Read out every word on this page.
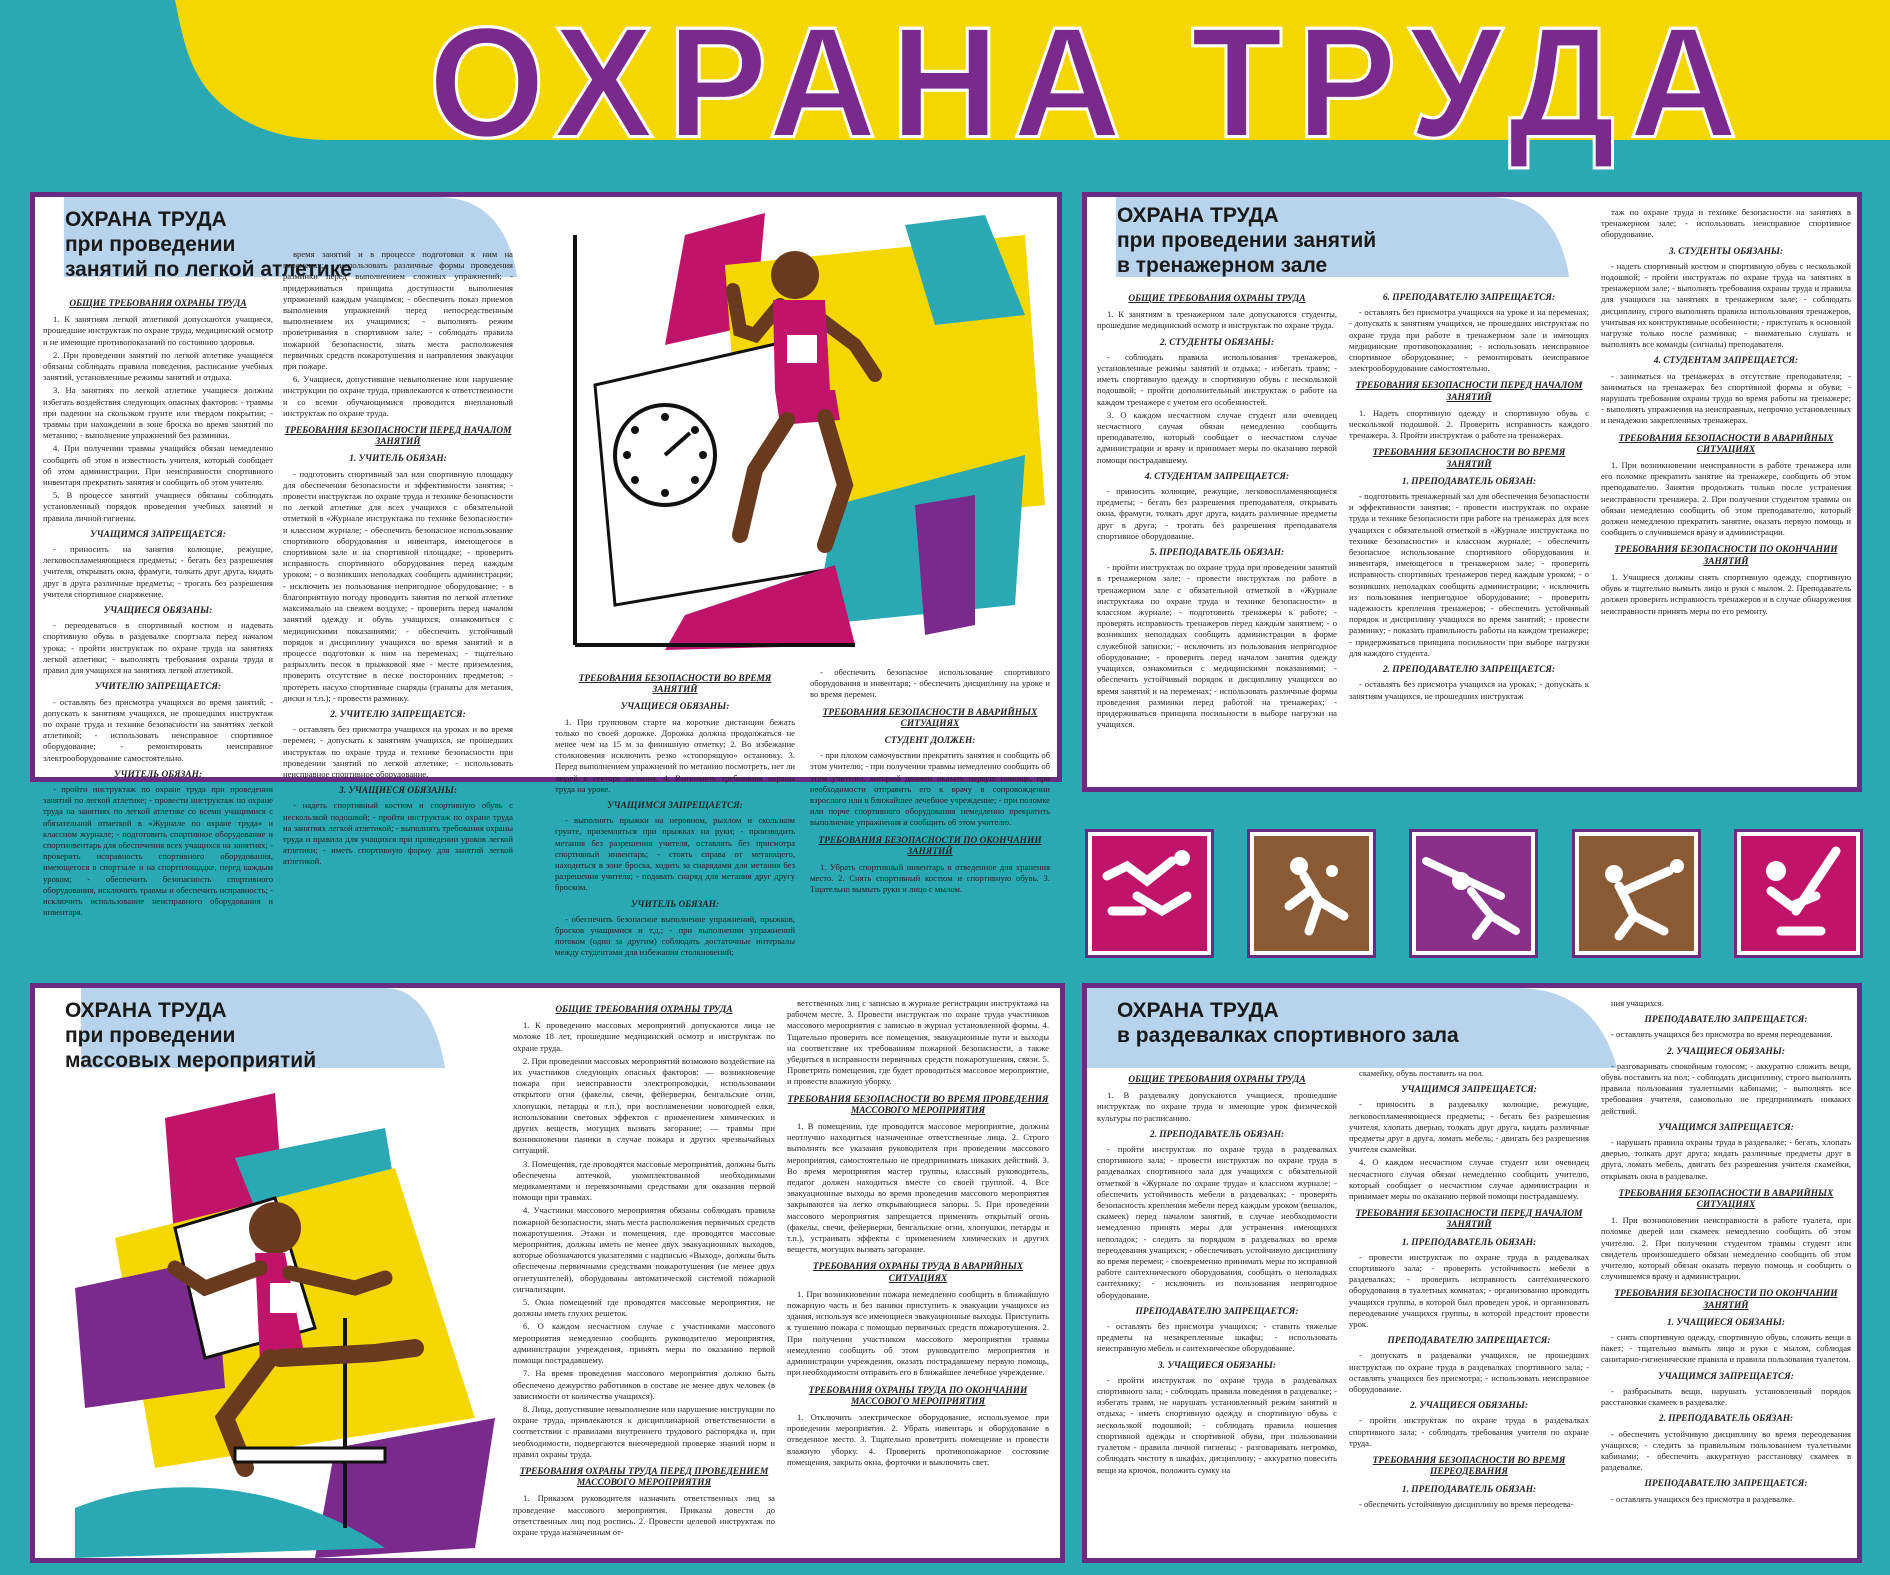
ОХРАНА ТРУДА
ОХРАНА ТРУДА
при проведении
занятий по легкой атлетике
ОБЩИЕ ТРЕБОВАНИЯ ОХРАНЫ ТРУДА

1. К занятиям легкой атлетикой допускаются учащиеся, прошедшие инструктаж по охране труда, медицинский осмотр и не имеющие противопоказаний по состоянию здоровья.

2. При проведении занятий по легкой атлетике учащиеся обязаны соблюдать правила поведения, расписание учебных занятий, установленные режимы занятий и отдыха.

3. На занятиях по легкой атлетике учащиеся должны избегать воздействия следующих опасных факторов: - травмы при падении на скользком грунте или твердом покрытии; - травмы при нахождении в зоне броска во время занятий по метанию; - выполнение упражнений без разминки.

4. При получении травмы учащийся обязан немедленно сообщить об этом в известность учителя, который сообщает об этом администрации. При неисправности спортивного инвентаря прекратить занятия и сообщить об этом учителю.

5. В процессе занятий учащиеся обязаны соблюдать установленный порядок проведения учебных занятий и правила личной гигиены.

УЧАЩИМСЯ ЗАПРЕЩАЕТСЯ:

- приносить на занятия колющие, режущие, легковоспламеняющиеся предметы; - бегать без разрешения учителя, открывать окна, фрамуги, толкать друг друга, кидать друг в друга различные предметы; - трогать без разрешения учителя спортивное снаряжение.

УЧАЩИЕСЯ ОБЯЗАНЫ:

- переодеваться в спортивный костюм и надевать спортивную обувь в раздевалке спортзала перед началом урока; - пройти инструктаж по охране труда на занятиях легкой атлетики; - выполнять требования охраны труда и правил для учащихся на занятиях легкой атлетикой.

УЧИТЕЛЮ ЗАПРЕЩАЕТСЯ:

- оставлять без присмотра учащихся во время занятий; - допускать к занятиям учащихся, не прошедших инструктаж по охране труда и технике безопасности на занятиях легкой атлетикой; - использовать неисправное спортивное оборудование; - ремонтировать неисправное электрооборудование самостоятельно.

УЧИТЕЛЬ ОБЯЗАН:

- пройти инструктаж по охране труда при проведении занятий по легкой атлетике; - провести инструктаж по охране труда на занятиях по легкой атлетике со всеми учащимися с обязательной отметкой в «Журнале по охране труда» и классном журнале; - подготовить спортивное оборудование и спортинвентарь для обеспечения всех учащихся на занятиях; - проверить исправность спортивного оборудования, имеющегося в спортзале и на спортплощадке, перед каждым уроком; - обеспечить безопасность спортивного оборудования, исключить травмы и обеспечить исправность; - исключить использование неисправного оборудования и инвентаря.

время занятий и в процессе подготовки к ним на переменах; - использовать различные формы проведения разминки перед выполнением сложных упражнений; - придерживаться принципа доступности выполнения упражнений каждым учащимся; - обеспечить показ приемов выполнения упражнений перед непосредственным выполнением их учащимися; - выполнять режим проветривания в спортивном зале; - соблюдать правила пожарной безопасности, знать места расположения первичных средств пожаротушения и направления эвакуации при пожаре.

6. Учащиеся, допустившие невыполнение или нарушение инструкции по охране труда, привлекаются к ответственности и со всеми обучающимися проводится внеплановый инструктаж по охране труда.

ТРЕБОВАНИЯ БЕЗОПАСНОСТИ ПЕРЕД НАЧАЛОМ ЗАНЯТИЙ
1. УЧИТЕЛЬ ОБЯЗАН:

- подготовить спортивный зал или спортивную площадку для обеспечения безопасности и эффективности занятия; - провести инструктаж по охране труда и технике безопасности по легкой атлетике для всех учащихся с обязательной отметкой в «Журнале инструктажа по технике безопасности» и классном журнале; - обеспечить безопасное использование спортивного оборудования и инвентаря, имеющегося в спортивном зале и на спортивной площадке; - проверить исправность спортивного оборудования перед каждым уроком; - о возникших неполадках сообщить администрации; - исключить из пользования непригодное оборудование; - в благоприятную погоду проводить занятия по легкой атлетике максимально на свежем воздухе; - проверить перед началом занятий одежду и обувь учащихся, ознакомиться с медицинскими показаниями; - обеспечить устойчивый порядок и дисциплину учащихся во время занятий и в процессе подготовки к ним на переменах; - тщательно разрыхлить песок в прыжковой яме - месте приземления, проверить отсутствие в песке посторонних предметов; - протереть насухо спортивные снаряды (гранаты для метания, диски и т.п.); - провести разминку.

2. УЧИТЕЛЮ ЗАПРЕЩАЕТСЯ:

- оставлять без присмотра учащихся на уроках и во время перемен; - допускать к занятиям учащихся, не прошедших инструктаж по охране труда и технике безопасности при проведении занятий по легкой атлетике; - использовать неисправное спортивное оборудование.

3. УЧАЩИЕСЯ ОБЯЗАНЫ:

- надеть спортивный костюм и спортивную обувь с нескользкой подошвой; - пройти инструктаж по охране труда на занятиях легкой атлетикой; - выполнять требования охраны труда и правила для учащихся при проведении уроков легкой атлетики; - иметь спортивную форму для занятий легкой атлетикой.

ТРЕБОВАНИЯ БЕЗОПАСНОСТИ ВО ВРЕМЯ ЗАНЯТИЙ
УЧАЩИЕСЯ ОБЯЗАНЫ:

1. При групповом старте на короткие дистанции бежать только по своей дорожке. Дорожка должна продолжаться не менее чем на 15 м за финишную отметку; 2. Во избежание столкновения исключить резко «стопорящую» остановку. 3. Перед выполнением упражнений по метанию посмотреть, нет ли людей в секторе метания. 4. Выполнять требования охраны труда на уроке.

УЧАЩИМСЯ ЗАПРЕЩАЕТСЯ:

- выполнять прыжки на неровном, рыхлом и скользком грунте, приземляться при прыжках на руки; - производить метания без разрешения учителя, оставлять без присмотра спортивный инвентарь; - стоять справа от метающего, находиться в зоне броска, ходить за снарядами для метания без разрешения учителя; - подавать снаряд для метания друг другу броском.

УЧИТЕЛЬ ОБЯЗАН:

- обеспечить безопасное выполнение упражнений, прыжков, бросков учащимися и т.д.; - при выполнении упражнений потоком (один за другим) соблюдать достаточные интервалы между студентами для избежания столкновений;

- обеспечить безопасное использование спортивного оборудования и инвентаря; - обеспечить дисциплину на уроке и во время перемен.

ТРЕБОВАНИЯ БЕЗОПАСНОСТИ В АВАРИЙНЫХ СИТУАЦИЯХ
СТУДЕНТ ДОЛЖЕН:

- при плохом самочувствии прекратить занятия и сообщить об этом учителю; - при получении травмы немедленно сообщить об этом учителю, который должен оказать первую помощь, при необходимости отправить его к врачу в сопровождении взрослого или в ближайшее лечебное учреждение; - при поломке или порче спортивного оборудования немедленно прекратить выполнение упражнения и сообщить об этом учителю.

ТРЕБОВАНИЯ БЕЗОПАСНОСТИ ПО ОКОНЧАНИИ ЗАНЯТИЙ

1. Убрать спортивный инвентарь в отведенное для хранения место. 2. Снять спортивный костюм и спортивную обувь. 3. Тщательно вымыть руки и лицо с мылом.

ОХРАНА ТРУДА
при проведении занятий
в тренажерном зале
ОБЩИЕ ТРЕБОВАНИЯ ОХРАНЫ ТРУДА

1. К занятиям в тренажерном зале допускаются студенты, прошедшие медицинский осмотр и инструктаж по охране труда.

2. СТУДЕНТЫ ОБЯЗАНЫ:

- соблюдать правила использования тренажеров, установленные режимы занятий и отдыха; - избегать травм; - иметь спортивную одежду и спортивную обувь с нескользкой подошвой; - пройти дополнительный инструктаж о работе на каждом тренажере с учетом его особенностей.

3. О каждом несчастном случае студент или очевидец несчастного случая обязан немедленно сообщить преподавателю, который сообщает о несчастном случае администрации и врачу и принимает меры по оказанию первой помощи пострадавшему.

4. СТУДЕНТАМ ЗАПРЕЩАЕТСЯ:

- приносить колющие, режущие, легковоспламеняющиеся предметы; - бегать без разрешения преподавателя, открывать окна, фрамуги, толкать друг друга, кидать различные предметы друг в друга; - трогать без разрешения преподавателя спортивное оборудование.

5. ПРЕПОДАВАТЕЛЬ ОБЯЗАН:

- пройти инструктаж по охране труда при проведении занятий в тренажерном зале; - провести инструктаж по работе в тренажерном зале с обязательной отметкой в «Журнале инструктажа по охране труда и технике безопасности» и классном журнале; - подготовить тренажеры к работе; - проверять исправность тренажеров перед каждым занятием; - о возникших неполадках сообщить администрации в форме служебной записки; - исключить из пользования непригодное оборудование; - проверить перед началом занятия одежду учащихся, ознакомиться с медицинскими показаниями; - обеспечить устойчивый порядок и дисциплину учащихся во время занятий и на переменах; - использовать различные формы проведения разминки перед работой на тренажерах; - придерживаться принципа посильности в выборе нагрузки на учащихся.

6. ПРЕПОДАВАТЕЛЮ ЗАПРЕЩАЕТСЯ:

- оставлять без присмотра учащихся на уроке и на переменах; - допускать к занятиям учащихся, не прошедших инструктаж по охране труда при работе в тренажерном зале и имеющих медицинские противопоказания; - использовать неисправное спортивное оборудование; - ремонтировать неисправное электрооборудование самостоятельно.

ТРЕБОВАНИЯ БЕЗОПАСНОСТИ ПЕРЕД НАЧАЛОМ ЗАНЯТИЙ

1. Надеть спортивную одежду и спортивную обувь с нескользкой подошвой. 2. Проверить исправность каждого тренажера. 3. Пройти инструктаж о работе на тренажерах.

ТРЕБОВАНИЯ БЕЗОПАСНОСТИ ВО ВРЕМЯ ЗАНЯТИЙ
1. ПРЕПОДАВАТЕЛЬ ОБЯЗАН:

- подготовить тренажерный зал для обеспечения безопасности и эффективности занятия; - провести инструктаж по охране труда и технике безопасности при работе на тренажерах для всех учащихся с обязательной отметкой в «Журнале инструктажа по технике безопасности» и классном журнале; - обеспечить безопасное использование спортивного оборудования и инвентаря, имеющегося в тренажерном зале; - проверить исправность спортивных тренажеров перед каждым уроком; - о возникших неполадках сообщить администрации; - исключить из пользования непригодное оборудование; - проверить надежность крепления тренажеров; - обеспечить устойчивый порядок и дисциплину учащихся во время занятий; - провести разминку; - показать правильность работы на каждом тренажере; - придерживаться принципа посильности при выборе нагрузки для каждого студента.

2. ПРЕПОДАВАТЕЛЮ ЗАПРЕЩАЕТСЯ:

- оставлять без присмотра учащихся на уроках; - допускать к занятиям учащихся, не прошедших инструктаж

таж по охране труда и технике безопасности на занятиях в тренажерном зале; - использовать неисправное спортивное оборудование.

3. СТУДЕНТЫ ОБЯЗАНЫ:

- надеть спортивный костюм и спортивную обувь с нескользкой подошвой; - пройти инструктаж по охране труда на занятиях в тренажерном зале; - выполнять требования охраны труда и правила для учащихся на занятиях в тренажерном зале; - соблюдать дисциплину, строго выполнять правила использования тренажеров, учитывая их конструктивные особенности; - приступать к основной нагрузке только после разминки; - внимательно слушать и выполнять все команды (сигналы) преподавателя.

4. СТУДЕНТАМ ЗАПРЕЩАЕТСЯ:

- заниматься на тренажерах в отсутствие преподавателя; - заниматься на тренажерах без спортивной формы и обуви; - нарушать требования охраны труда во время работы на тренажере; - выполнять упражнения на неисправных, непрочно установленных и ненадежно закрепленных тренажерах.

ТРЕБОВАНИЯ БЕЗОПАСНОСТИ В АВАРИЙНЫХ СИТУАЦИЯХ

1. При возникновении неисправности в работе тренажера или его поломке прекратить занятие на тренажере, сообщить об этом преподавателю. Занятия продолжать только после устранения неисправности тренажера. 2. При получении студентом травмы он обязан немедленно сообщить об этом преподавателю, который должен немедленно прекратить занятие, оказать первую помощь и сообщить о случившемся врачу и администрации.

ТРЕБОВАНИЯ БЕЗОПАСНОСТИ ПО ОКОНЧАНИИ ЗАНЯТИЙ

1. Учащиеся должны снять спортивную одежду, спортивную обувь и тщательно вымыть лицо и руки с мылом. 2. Преподаватель должен проверить исправность тренажеров и в случае обнаружения неисправности принять меры по его ремонту.

ОХРАНА ТРУДА
при проведении
массовых мероприятий
ОБЩИЕ ТРЕБОВАНИЯ ОХРАНЫ ТРУДА

1. К проведению массовых мероприятий допускаются лица не моложе 18 лет, прошедшие медицинский осмотр и инструктаж по охране труда.

2. При проведении массовых мероприятий возможно воздействие на их участников следующих опасных факторов: — возникновение пожара при неисправности электропроводки, использовании открытого огня (факелы, свечи, фейерверки, бенгальские огни, хлопушки, петарды и т.п.), при воспламенении новогодней елки, использовании световых эффектов с применением химических и других веществ, могущих вызвать загорание; — травмы при возникновении паники в случае пожара и других чрезвычайных ситуаций.

3. Помещения, где проводятся массовые мероприятия, должны быть обеспечены аптечкой, укомплектованной необходимыми медикаментами и перевязочными средствами для оказания первой помощи при травмах.

4. Участники массового мероприятия обязаны соблюдать правила пожарной безопасности, знать места расположения первичных средств пожаротушения. Этажи и помещения, где проводятся массовые мероприятия, должны иметь не менее двух эвакуационных выходов, которые обозначаются указателями с надписью «Выход», должны быть обеспечены первичными средствами пожаротушения (не менее двух огнетушителей), оборудованы автоматической системой пожарной сигнализации.

5. Окна помещений где проводятся массовые мероприятия, не должны иметь глухих решеток.

6. О каждом несчастном случае с участниками массового мероприятия немедленно сообщить руководителю мероприятия, администрации учреждения, принять меры по оказанию первой помощи пострадавшему.

7. На время проведения массового мероприятия должно быть обеспечено дежурство работников в составе не менее двух человек (в зависимости от количества учащихся).

8. Лица, допустившие невыполнение или нарушение инструкции по охране труда, привлекаются к дисциплинарной ответственности в соответствии с правилами внутреннего трудового распорядка и, при необходимости, подвергаются внеочередной проверке знаний норм и правил охраны труда.

ТРЕБОВАНИЯ ОХРАНЫ ТРУДА ПЕРЕД ПРОВЕДЕНИЕМ МАССОВОГО МЕРОПРИЯТИЯ

1. Приказом руководителя назначить ответственных лиц за проведение массового мероприятия. Приказы довести до ответственных лиц под роспись. 2. Провести целевой инструктаж по охране труда назначенным от-

ветственных лиц с записью в журнале регистрации инструктажа на рабочем месте. 3. Провести инструктаж по охране труда участников массового мероприятия с записью в журнал установленной формы. 4. Тщательно проверить все помещения, эвакуационные пути и выходы на соответствие их требованиям пожарной безопасности, а также убедиться в исправности первичных средств пожаротушения, связи. 5. Проветрить помещения, где будет проводиться массовое мероприятие, и провести влажную уборку.

ТРЕБОВАНИЯ БЕЗОПАСНОСТИ ВО ВРЕМЯ ПРОВЕДЕНИЯ МАССОВОГО МЕРОПРИЯТИЯ

1. В помещении, где проводится массовое мероприятие, должны неотлучно находиться назначенные ответственные лица. 2. Строго выполнять все указания руководителя при проведении массового мероприятия, самостоятельно не предпринимать никаких действий. 3. Во время мероприятия мастер группы, классный руководитель, педагог должен находиться вместе со своей группой. 4. Все эвакуационные выходы во время проведения массового мероприятия закрываются на легко открывающиеся запоры. 5. При проведении массового мероприятия запрещается применять открытый огонь (факелы, свечи, фейерверки, бенгальские огни, хлопушки, петарды и т.п.), устраивать эффекты с применением химических и других веществ, могущих вызвать загорание.

ТРЕБОВАНИЯ ОХРАНЫ ТРУДА В АВАРИЙНЫХ СИТУАЦИЯХ

1. При возникновении пожара немедленно сообщить в ближайшую пожарную часть и без паники приступить к эвакуации учащихся из здания, используя все имеющиеся эвакуационные выходы. Приступить к тушению пожара с помощью первичных средств пожаротушения. 2. При получении участником массового мероприятия травмы немедленно сообщить об этом руководителю мероприятия и администрации учреждения, оказать пострадавшему первую помощь, при необходимости отправить его в ближайшее лечебное учреждение.

ТРЕБОВАНИЯ ОХРАНЫ ТРУДА ПО ОКОНЧАНИИ МАССОВОГО МЕРОПРИЯТИЯ

1. Отключить электрическое оборудование, используемое при проведении мероприятия. 2. Убрать инвентарь и оборудование в отведенное место. 3. Тщательно проветрить помещение и провести влажную уборку. 4. Проверить противопожарное состояние помещения, закрыть окна, форточки и выключить свет.

ОХРАНА ТРУДА
в раздевалках спортивного зала
ОБЩИЕ ТРЕБОВАНИЯ ОХРАНЫ ТРУДА

1. В раздевалку допускаются учащиеся, прошедшие инструктаж по охране труда и имеющие урок физической культуры по расписанию.

2. ПРЕПОДАВАТЕЛЬ ОБЯЗАН:

- пройти инструктаж по охране труда в раздевалках спортивного зала; - провести инструктаж по охране труда в раздевалках спортивного зала для учащихся с обязательной отметкой в «Журнале по охране труда» и классном журнале; - обеспечить устойчивость мебели в раздевалках; - проверять безопасность крепления мебели перед каждым уроком (вешалок, скамеек) перед началом занятий, в случае необходимости немедленно принять меры для устранения имеющихся неполадок; - следить за порядком в раздевалках во время переодевания учащихся; - обеспечивать устойчивую дисциплину во время перемен; - своевременно принимать меры по исправной работе сантехнического оборудования, сообщать о неполадках сантехнику; - исключить из пользования непригодное оборудование.

ПРЕПОДАВАТЕЛЮ ЗАПРЕЩАЕТСЯ:

- оставлять без присмотра учащихся; - ставить тяжелые предметы на незакрепленные шкафы; - использовать неисправную мебель и сантехническое оборудование.

3. УЧАЩИЕСЯ ОБЯЗАНЫ:

- пройти инструктаж по охране труда в раздевалках спортивного зала; - соблюдать правила поведения в раздевалке; - избегать травм, не нарушать установленный режим занятий и отдыха; - иметь спортивную одежду и спортивную обувь с нескользкой подошвой; - соблюдать правила ношения спортивной одежды и спортивной обуви, при пользовании туалетом - правила личной гигиены; - разговаривать негромко, соблюдать чистоту в шкафах, дисциплину; - аккуратно повесить вещи на крючок, положить сумку на

скамейку, обувь поставить на пол.

УЧАЩИМСЯ ЗАПРЕЩАЕТСЯ:

- приносить в раздевалку колющие, режущие, легковоспламеняющиеся предметы; - бегать без разрешения учителя, хлопать дверью, толкать друг друга, кидать различные предметы друг в друга, ломать мебель; - двигать без разрешения учителя скамейки.

4. О каждом несчастном случае студент или очевидец несчастного случая обязан немедленно сообщить учителю, который сообщает о несчастном случае администрации и принимает меры по оказанию первой помощи пострадавшему.

ТРЕБОВАНИЯ БЕЗОПАСНОСТИ ПЕРЕД НАЧАЛОМ ЗАНЯТИЙ
1. ПРЕПОДАВАТЕЛЬ ОБЯЗАН:

- провести инструктаж по охране труда в раздевалках спортивного зала; - проверить устойчивость мебели в раздевалках; - проверить исправность сантехнического оборудования в туалетных комнатах; - организованно проводить учащихся группы, в которой был проведен урок, и организовать переодевание учащихся группы, в которой предстоит провести урок.

ПРЕПОДАВАТЕЛЮ ЗАПРЕЩАЕТСЯ:

- допускать в раздевалки учащихся, не прошедших инструктаж по охране труда в раздевалках спортивного зала; - оставлять учащихся без присмотра; - использовать неисправное оборудование.

2. УЧАЩИЕСЯ ОБЯЗАНЫ:

- пройти инструктаж по охране труда в раздевалках спортивного зала; - соблюдать требования учителя по охране труда.

ТРЕБОВАНИЯ БЕЗОПАСНОСТИ ВО ВРЕМЯ ПЕРЕОДЕВАНИЯ
1. ПРЕПОДАВАТЕЛЬ ОБЯЗАН:

- обеспечить устойчивую дисциплину во время переодева-

ния учащихся.

ПРЕПОДАВАТЕЛЮ ЗАПРЕЩАЕТСЯ:

- оставлять учащихся без присмотра во время переодевания.

2. УЧАЩИЕСЯ ОБЯЗАНЫ:

- разговаривать спокойным голосом; - аккуратно сложить вещи, обувь поставить на пол; - соблюдать дисциплину, строго выполнять правила пользования туалетными кабинами; - выполнять все требования учителя, самовольно не предпринимать никаких действий.

УЧАЩИМСЯ ЗАПРЕЩАЕТСЯ:

- нарушать правила охраны труда в раздевалке; - бегать, хлопать дверью, толкать друг друга; кидать различные предметы друг в друга, ломать мебель, двигать без разрешения учителя скамейки, открывать окна в раздевалке.

ТРЕБОВАНИЯ БЕЗОПАСНОСТИ В АВАРИЙНЫХ СИТУАЦИЯХ

1. При возникновении неисправности в работе туалета, при поломке дверей или скамеек немедленно сообщить об этом учителю. 2. При получении студентом травмы студент или свидетель произошедшего обязан немедленно сообщить об этом учителю, который обязан оказать первую помощь и сообщить о случившемся врачу и администрации.

ТРЕБОВАНИЯ БЕЗОПАСНОСТИ ПО ОКОНЧАНИИ ЗАНЯТИЙ
1. УЧАЩИЕСЯ ОБЯЗАНЫ:

- снять спортивную одежду, спортивную обувь, сложить вещи в пакет; - тщательно вымыть лицо и руки с мылом, соблюдая санитарно-гигиенические правила и правила пользования туалетом.

УЧАЩИМСЯ ЗАПРЕЩАЕТСЯ:

- разбрасывать вещи, нарушать установленный порядок расстановки скамеек в раздевалке.

2. ПРЕПОДАВАТЕЛЬ ОБЯЗАН:

- обеспечить устойчивую дисциплину во время переодевания учащихся; - следить за правильным пользованием туалетными кабинами; - обеспечить аккуратную расстановку скамеек в раздевалке.

ПРЕПОДАВАТЕЛЮ ЗАПРЕЩАЕТСЯ:

- оставлять учащихся без присмотра в раздевалке.
